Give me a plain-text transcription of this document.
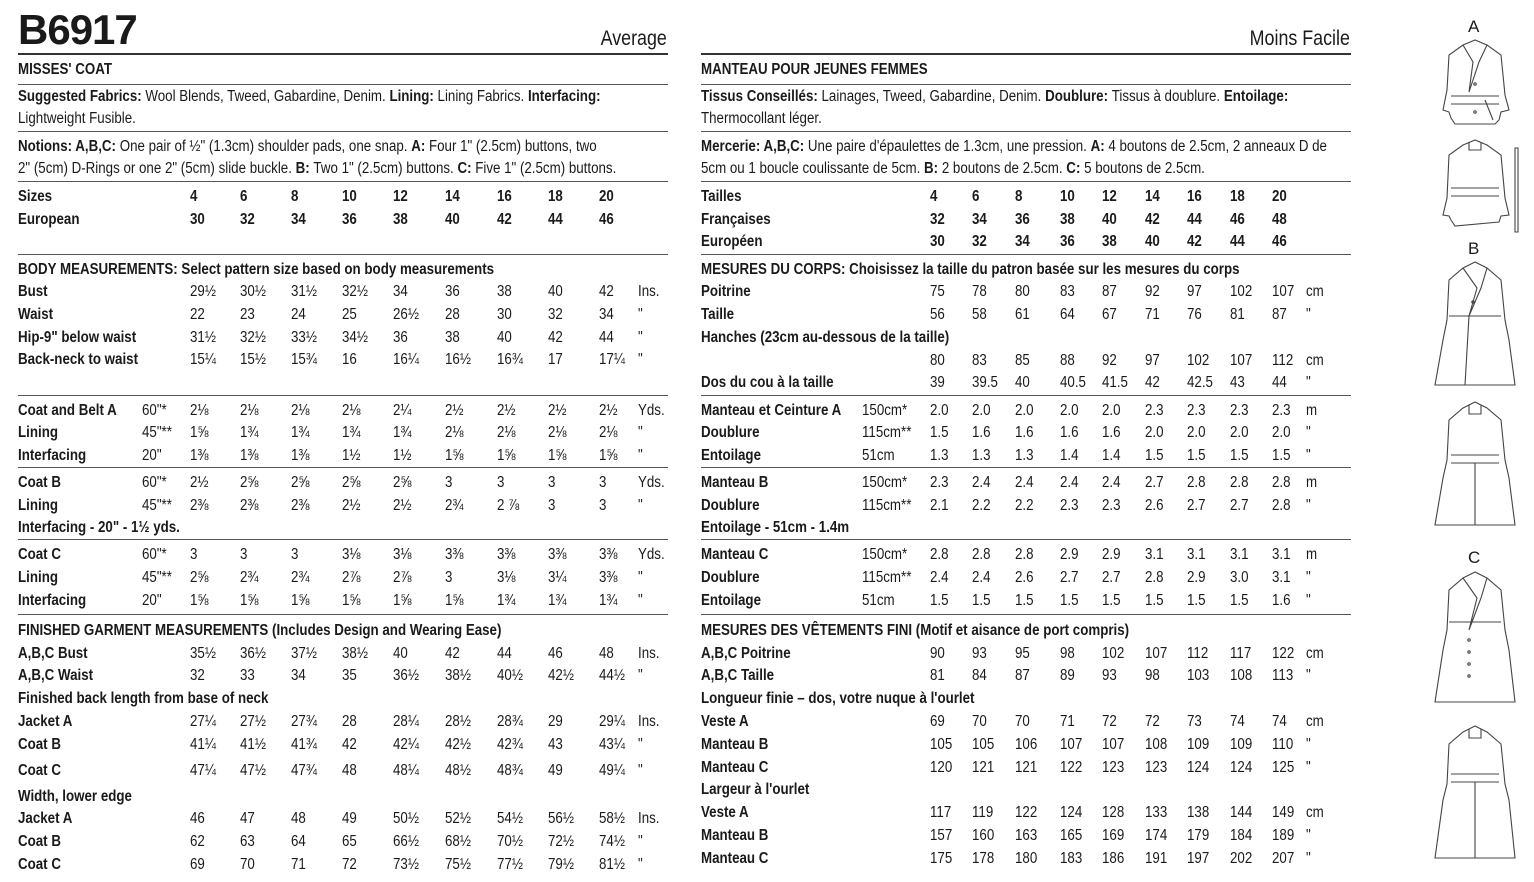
B6917	Average	Moins Facile
MISSES' COAT
Suggested Fabrics: Wool Blends, Tweed, Gabardine, Denim. Lining: Lining Fabrics. Interfacing:
Lightweight Fusible.
Notions: A,B,C: One pair of ½" (1.3cm) shoulder pads, one snap. A: Four 1" (2.5cm) buttons, two
2" (5cm) D-Rings or one 2" (5cm) slide buckle. B: Two 1" (2.5cm) buttons. C: Five 1" (2.5cm) buttons.
Sizes	4	6	8	10 12 14 16 18 20
European	30 32 34 36 38 40 42 44 46
BODY MEASUREMENTS: Select pattern size based on body measurements
Bust	29½ 30½ 31½ 32½ 34 36 38 40 42 Ins.
Waist	22 23 24 25 26½ 28 30 32 34 "
Hip-9" below waist	31½ 32½ 33½ 34½ 36 38 40 42 44 "
Back-neck to waist	15¼ 15½ 15¾ 16 16¼ 16½ 16¾ 17 17¼ "
Coat and Belt A 60"* 2⅛ 2⅛ 2⅛ 2⅛ 2¼ 2½ 2½ 2½ 2½ Yds.
Lining	45"** 1⅝ 1¾ 1¾ 1¾ 1¾ 2⅛ 2⅛ 2⅛ 2⅛ "
Interfacing	20" 1⅜ 1⅜ 1⅜ 1½ 1½ 1⅝ 1⅝ 1⅝ 1⅝ "
Coat B	60"* 2½ 2⅝ 2⅝ 2⅝ 2⅝ 3	3	3	3 Yds.
Lining	45"** 2⅜ 2⅜ 2⅜ 2½ 2½ 2¾ 2 ⅞ 3	3 "
Interfacing - 20" - 1½ yds.
Coat C	60"* 3	3	3	3⅛ 3⅛ 3⅜ 3⅜ 3⅜ 3⅜ Yds.
Lining	45"** 2⅝ 2¾ 2¾ 2⅞ 2⅞ 3	3⅛ 3¼ 3⅜ "
Interfacing	20" 1⅝ 1⅝ 1⅝ 1⅝ 1⅝ 1⅝ 1¾ 1¾ 1¾ "
FINISHED GARMENT MEASUREMENTS (Includes Design and Wearing Ease)
A,B,C Bust	35½ 36½ 37½ 38½ 40 42 44 46 48 Ins.
A,B,C Waist	32 33 34 35 36½ 38½ 40½ 42½ 44½ "
Finished back length from base of neck
Jacket A	27¼ 27½ 27¾ 28 28¼ 28½ 28¾ 29 29¼ Ins.
Coat B	41¼ 41½ 41¾ 42 42¼ 42½ 42¾ 43 43¼ "
Coat C	47¼ 47½ 47¾ 48 48¼ 48½ 48¾ 49 49¼ "
Width, lower edge
Jacket A	46 47 48 49 50½ 52½ 54½ 56½ 58½ Ins.
Coat B	62 63 64 65 66½ 68½ 70½ 72½ 74½ "
Coat C	69 70 71 72 73½ 75½ 77½ 79½ 81½ "
MANTEAU POUR JEUNES FEMMES
Tissus Conseillés: Lainages, Tweed, Gabardine, Denim. Doublure: Tissus à doublure. Entoilage:
Thermocollant léger.
Mercerie: A,B,C: Une paire d'épaulettes de 1.3cm, une pression. A: 4 boutons de 2.5cm, 2 anneaux D de
5cm ou 1 boucle coulissante de 5cm. B: 2 boutons de 2.5cm. C: 5 boutons de 2.5cm.
Tailles	4 6 8 10 12 14 16 18 20
Françaises	32 34 36 38 40 42 44 46 48
Européen	30 32 34 36 38 40 42 44 46
MESURES DU CORPS: Choisissez la taille du patron basée sur les mesures du corps
Poitrine	75 78 80 83 87 92 97 102 107 cm
Taille	56 58 61 64 67 71 76 81 87 "
Hanches (23cm au-dessous de la taille)
80 83 85 88 92 97 102 107 112 cm
Dos du cou à la taille	39 39.5 40 40.5 41.5 42 42.5 43 44 "
Manteau et Ceinture A 150cm* 2.0 2.0 2.0 2.0 2.0 2.3 2.3 2.3 2.3 m
Doublure	115cm** 1.5 1.6 1.6 1.6 1.6 2.0 2.0 2.0 2.0 "
Entoilage	51cm 1.3 1.3 1.3 1.4 1.4 1.5 1.5 1.5 1.5 "
Manteau B	150cm* 2.3 2.4 2.4 2.4 2.4 2.7 2.8 2.8 2.8 m
Doublure	115cm** 2.1 2.2 2.2 2.3 2.3 2.6 2.7 2.7 2.8 "
Entoilage - 51cm - 1.4m
Manteau C	150cm* 2.8 2.8 2.8 2.9 2.9 3.1 3.1 3.1 3.1 m
Doublure	115cm** 2.4 2.4 2.6 2.7 2.7 2.8 2.9 3.0 3.1 "
Entoilage	51cm 1.5 1.5 1.5 1.5 1.5 1.5 1.5 1.5 1.6 "
MESURES DES VÊTEMENTS FINI (Motif et aisance de port compris)
A,B,C Poitrine	90 93 95 98 102 107 112 117 122 cm
A,B,C Taille	81 84 87 89 93 98 103 108 113 "
Longueur finie – dos, votre nuque à l'ourlet
Veste A	69 70 70 71 72 72 73 74 74 cm
Manteau B	105 105 106 107 107 108 109 109 110 "
Manteau C	120 121 121 122 123 123 124 124 125 "
Largeur à l'ourlet
Veste A	117 119 122 124 128 133 138 144 149 cm
Manteau B	157 160 163 165 169 174 179 184 189 "
Manteau C	175 178 180 183 186 191 197 202 207 "
A
B
C
